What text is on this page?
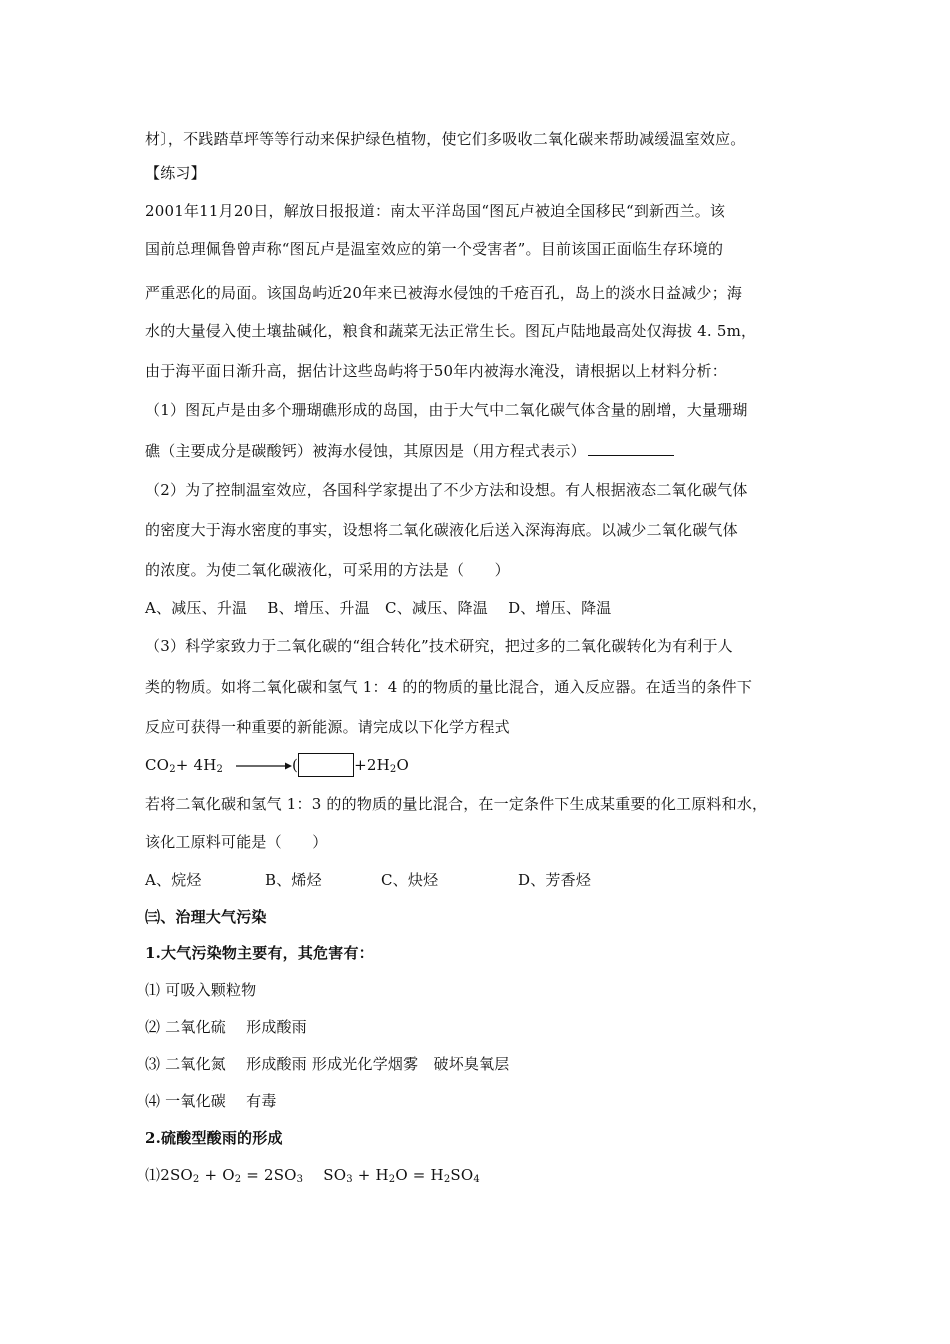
材〕，不践踏草坪等等行动来保护绿色植物，使它们多吸收二氧化碳来帮助减缓温室效应。
【练习】
2001年11月20日，解放日报报道：南太平洋岛国“图瓦卢被迫全国移民“到新西兰。该
国前总理佩鲁曾声称“图瓦卢是温室效应的第一个受害者”。目前该国正面临生存环境的
严重恶化的局面。该国岛屿近20年来已被海水侵蚀的千疮百孔，岛上的淡水日益减少；海
水的大量侵入使土壤盐碱化，粮食和蔬菜无法正常生长。图瓦卢陆地最高处仅海拔 4. 5m，
由于海平面日渐升高，据估计这些岛屿将于50年内被海水淹没，请根据以上材料分析：
（1）图瓦卢是由多个珊瑚礁形成的岛国，由于大气中二氧化碳气体含量的剧增，大量珊瑚
礁（主要成分是碳酸钙）被海水侵蚀，其原因是（用方程式表示）
（2）为了控制温室效应，各国科学家提出了不少方法和设想。有人根据液态二氧化碳气体
的密度大于海水密度的事实，设想将二氧化碳液化后送入深海海底。以减少二氧化碳气体
的浓度。为使二氧化碳液化，可采用的方法是（　　）
A、减压、升温　 B、增压、升温　C、减压、降温　 D、增压、降温
（3）科学家致力于二氧化碳的“组合转化”技术研究，把过多的二氧化碳转化为有利于人
类的物质。如将二氧化碳和氢气 1：4 的的物质的量比混合，通入反应器。在适当的条件下
反应可获得一种重要的新能源。请完成以下化学方程式
$CO_2+ 4H_2$ →(	$+2H_2O$
若将二氧化碳和氢气 1：3 的的物质的量比混合，在一定条件下生成某重要的化工原料和水，
该化工原料可能是（　　）
A、烷烃	B、烯烃	C、炔烃	D、芳香烃
㈢、治理大气污染
1.大气污染物主要有，其危害有：
⑴ 可吸入颗粒物
⑵ 二氧化硫　 形成酸雨
⑶ 二氧化氮　 形成酸雨 形成光化学烟雾　破坏臭氧层
⑷ 一氧化碳　 有毒
2.硫酸型酸雨的形成
$⑴2SO_2 + O_2 = 2SO_3$ $SO_3 + H_2O = H_2SO_4$
